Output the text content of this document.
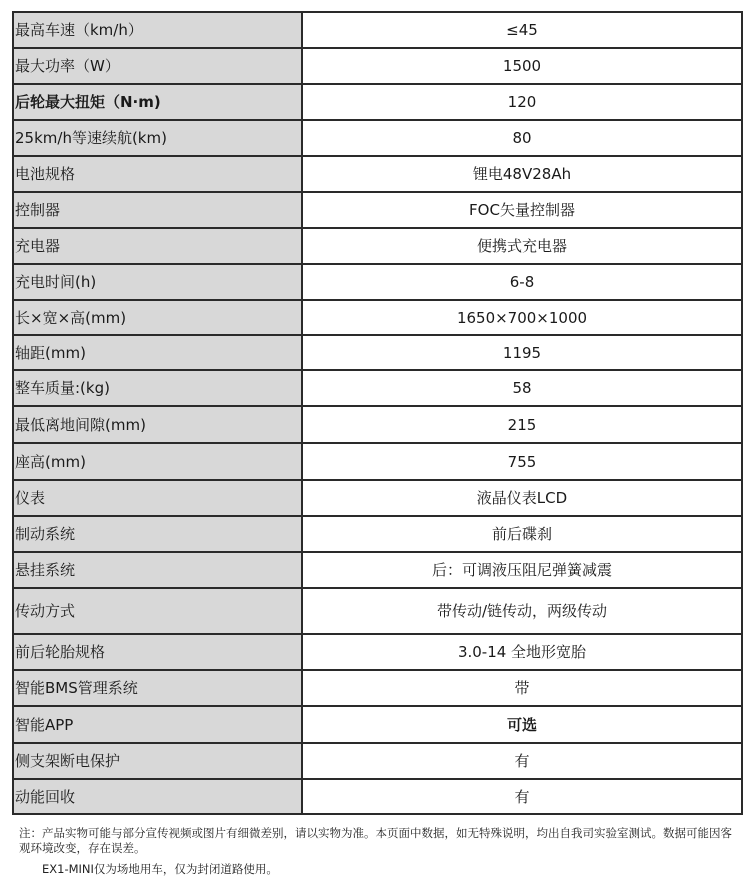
最高车速（km/h）	≤45
最大功率（W）	1500
后轮最大扭矩（N·m)	120
25km/h等速续航(km)	80
电池规格	锂电48V28Ah
控制器	FOC矢量控制器
充电器	便携式充电器
充电时间(h)	6-8
长×宽×高(mm)	1650×700×1000
轴距(mm)	1195
整车质量:(kg)	58
最低离地间隙(mm)	215
座高(mm)	755
仪表	液晶仪表LCD
制动系统	前后碟刹
悬挂系统	后：可调液压阻尼弹簧减震
传动方式	带传动/链传动，两级传动
前后轮胎规格	3.0-14 全地形宽胎
智能BMS管理系统	带
智能APP	可选
侧支架断电保护	有
动能回收	有
注：产品实物可能与部分宣传视频或图片有细微差别，请以实物为准。本页面中数据，如无特殊说明，均出自我司实验室测试。数据可能因客观环境改变，存在误差。
EX1-MINI仅为场地用车，仅为封闭道路使用。
